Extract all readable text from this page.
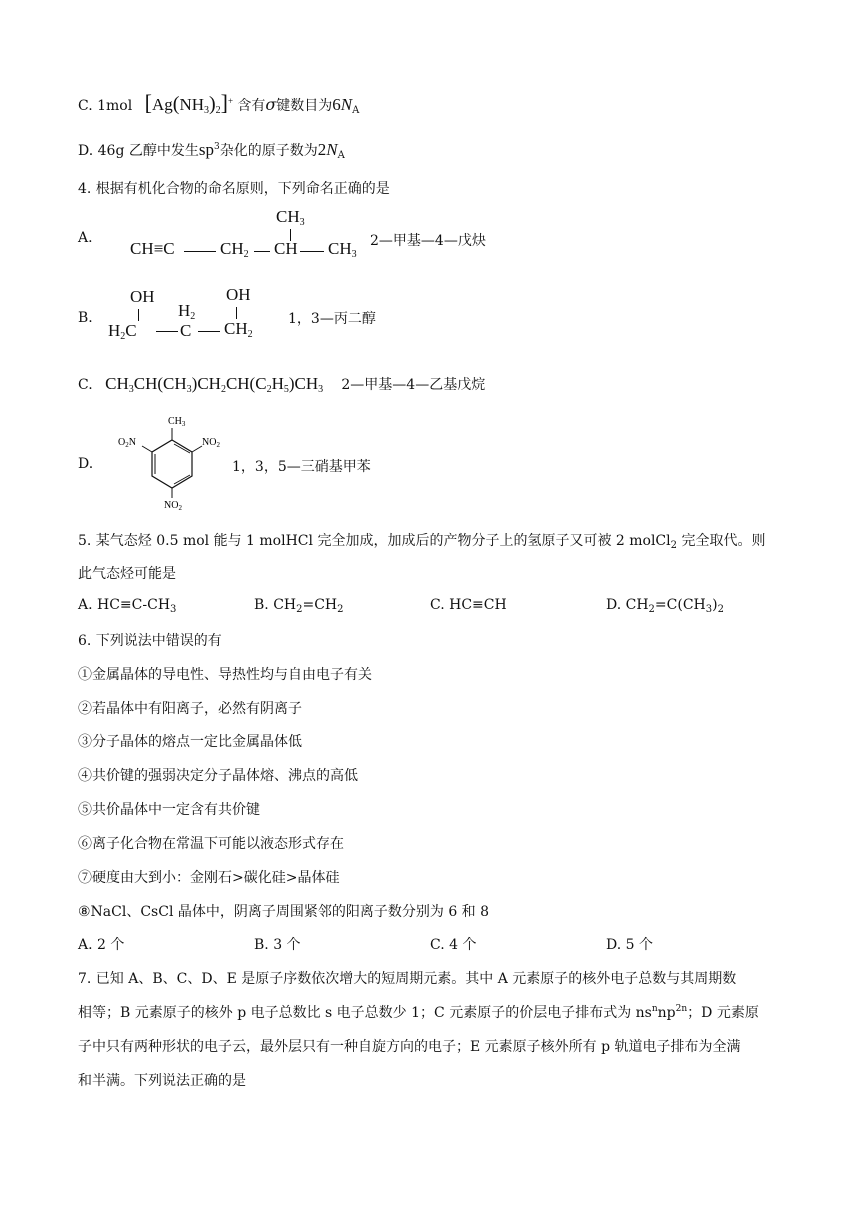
C. 1mol $[Ag(NH_3)_2]^+$ 含有σ键数目为$6N_A$
D. 46g 乙醇中发生$sp^3$杂化的原子数为$2N_A$
4. 根据有机化合物的命名原则，下列命名正确的是
A.
$CH_3$
CH≡C	$CH_2$ CH $CH_3$
2—甲基—4—戊炔
B.
OH
$H_2$
OH
$H_2C$	C $CH_2$
1，3—丙二醇
C. $CH_3CH(CH_3)CH_2CH(C_2H_5)CH_3$ 2—甲基—4—乙基戊烷
D.
$CH_3$
$O_2N$	$NO_2$
$NO_2$
1，3，5—三硝基甲苯
5. 某气态烃 0.5 mol 能与 1 molHCl 完全加成，加成后的产物分子上的氢原子又可被 2 molCl$_2$ 完全取代。则
此气态烃可能是
A. $HC\equiv C-CH_3$	B. $CH_2=CH_2$	C. HC≡CH	D. $CH_2=C(CH_3)_2$
6. 下列说法中错误的有
①金属晶体的导电性、导热性均与自由电子有关
②若晶体中有阳离子，必然有阴离子
③分子晶体的熔点一定比金属晶体低
④共价键的强弱决定分子晶体熔、沸点的高低
⑤共价晶体中一定含有共价键
⑥离子化合物在常温下可能以液态形式存在
⑦硬度由大到小：金刚石>碳化硅>晶体硅
⑧NaCl、CsCl 晶体中，阴离子周围紧邻的阳离子数分别为 6 和 8
A. 2 个	B. 3 个	C. 4 个	D. 5 个
7. 已知 A、B、C、D、E 是原子序数依次增大的短周期元素。其中 A 元素原子的核外电子总数与其周期数
相等；B 元素原子的核外 p 电子总数比 s 电子总数少 1；C 元素原子的价层电子排布式为 $ns^nnp^{2n}$；D 元素原
子中只有两种形状的电子云，最外层只有一种自旋方向的电子；E 元素原子核外所有 p 轨道电子排布为全满
和半满。下列说法正确的是
